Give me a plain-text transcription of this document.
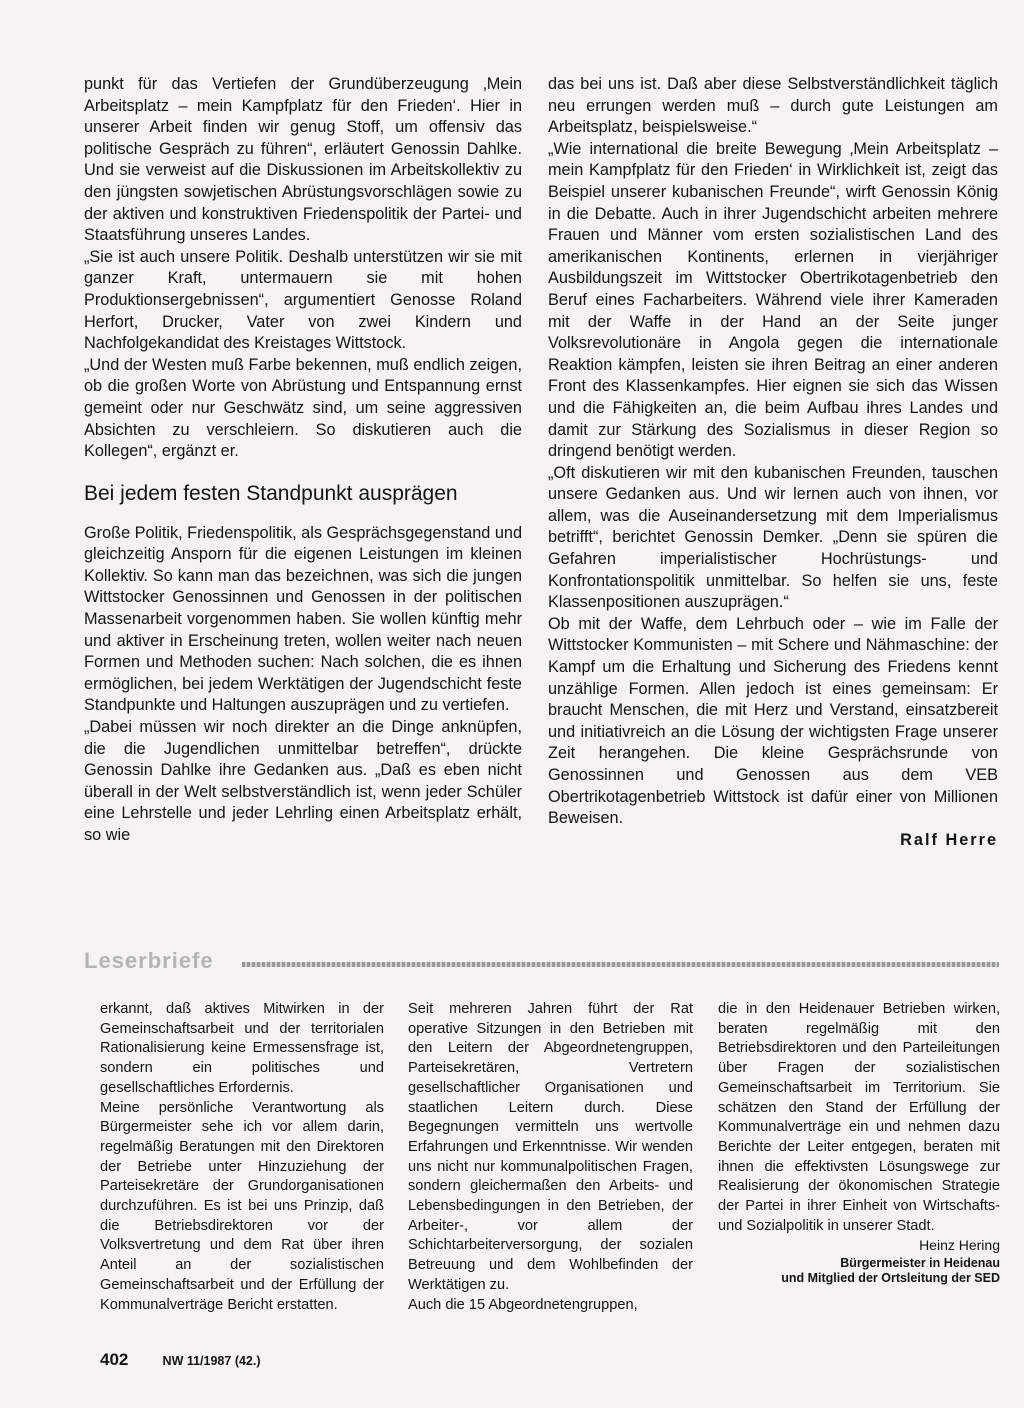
punkt für das Vertiefen der Grundüberzeugung ‚Mein Arbeitsplatz – mein Kampfplatz für den Frieden‘. Hier in unserer Arbeit finden wir genug Stoff, um offensiv das politische Gespräch zu führen“, erläutert Genossin Dahlke. Und sie verweist auf die Diskussionen im Arbeitskollektiv zu den jüngsten sowjetischen Abrüstungsvorschlägen sowie zu der aktiven und konstruktiven Friedenspolitik der Partei- und Staatsführung unseres Landes.

„Sie ist auch unsere Politik. Deshalb unterstützen wir sie mit ganzer Kraft, untermauern sie mit hohen Produktionsergebnissen“, argumentiert Genosse Roland Herfort, Drucker, Vater von zwei Kindern und Nachfolgekandidat des Kreistages Wittstock.

„Und der Westen muß Farbe bekennen, muß endlich zeigen, ob die großen Worte von Abrüstung und Entspannung ernst gemeint oder nur Geschwätz sind, um seine aggressiven Absichten zu verschleiern. So diskutieren auch die Kollegen“, ergänzt er.

Bei jedem festen Standpunkt ausprägen

Große Politik, Friedenspolitik, als Gesprächsgegenstand und gleichzeitig Ansporn für die eigenen Leistungen im kleinen Kollektiv. So kann man das bezeichnen, was sich die jungen Wittstocker Genossinnen und Genossen in der politischen Massenarbeit vorgenommen haben. Sie wollen künftig mehr und aktiver in Erscheinung treten, wollen weiter nach neuen Formen und Methoden suchen: Nach solchen, die es ihnen ermöglichen, bei jedem Werktätigen der Jugendschicht feste Standpunkte und Haltungen auszuprägen und zu vertiefen.

„Dabei müssen wir noch direkter an die Dinge anknüpfen, die die Jugendlichen unmittelbar betreffen“, drückte Genossin Dahlke ihre Gedanken aus. „Daß es eben nicht überall in der Welt selbstverständlich ist, wenn jeder Schüler eine Lehrstelle und jeder Lehrling einen Arbeitsplatz erhält, so wie

das bei uns ist. Daß aber diese Selbstverständlichkeit täglich neu errungen werden muß – durch gute Leistungen am Arbeitsplatz, beispielsweise.“

„Wie international die breite Bewegung ‚Mein Arbeitsplatz – mein Kampfplatz für den Frieden‘ in Wirklichkeit ist, zeigt das Beispiel unserer kubanischen Freunde“, wirft Genossin König in die Debatte. Auch in ihrer Jugendschicht arbeiten mehrere Frauen und Männer vom ersten sozialistischen Land des amerikanischen Kontinents, erlernen in vierjähriger Ausbildungszeit im Wittstocker Obertrikotagenbetrieb den Beruf eines Facharbeiters. Während viele ihrer Kameraden mit der Waffe in der Hand an der Seite junger Volksrevolutionäre in Angola gegen die internationale Reaktion kämpfen, leisten sie ihren Beitrag an einer anderen Front des Klassenkampfes. Hier eignen sie sich das Wissen und die Fähigkeiten an, die beim Aufbau ihres Landes und damit zur Stärkung des Sozialismus in dieser Region so dringend benötigt werden.

„Oft diskutieren wir mit den kubanischen Freunden, tauschen unsere Gedanken aus. Und wir lernen auch von ihnen, vor allem, was die Auseinandersetzung mit dem Imperialismus betrifft“, berichtet Genossin Demker. „Denn sie spüren die Gefahren imperialistischer Hochrüstungs- und Konfrontationspolitik unmittelbar. So helfen sie uns, feste Klassenpositionen auszuprägen.“

Ob mit der Waffe, dem Lehrbuch oder – wie im Falle der Wittstocker Kommunisten – mit Schere und Nähmaschine: der Kampf um die Erhaltung und Sicherung des Friedens kennt unzählige Formen. Allen jedoch ist eines gemeinsam: Er braucht Menschen, die mit Herz und Verstand, einsatzbereit und initiativreich an die Lösung der wichtigsten Frage unserer Zeit herangehen. Die kleine Gesprächsrunde von Genossinnen und Genossen aus dem VEB Obertrikotagenbetrieb Wittstock ist dafür einer von Millionen Beweisen.

Ralf Herre

Leserbriefe

erkannt, daß aktives Mitwirken in der Gemeinschaftsarbeit und der territorialen Rationalisierung keine Ermessensfrage ist, sondern ein politisches und gesellschaftliches Erfordernis.

Meine persönliche Verantwortung als Bürgermeister sehe ich vor allem darin, regelmäßig Beratungen mit den Direktoren der Betriebe unter Hinzuziehung der Parteisekretäre der Grundorganisationen durchzuführen. Es ist bei uns Prinzip, daß die Betriebsdirektoren vor der Volksvertretung und dem Rat über ihren Anteil an der sozialistischen Gemeinschaftsarbeit und der Erfüllung der Kommunalverträge Bericht erstatten.

Seit mehreren Jahren führt der Rat operative Sitzungen in den Betrieben mit den Leitern der Abgeordnetengruppen, Parteisekretären, Vertretern gesellschaftlicher Organisationen und staatlichen Leitern durch. Diese Begegnungen vermitteln uns wertvolle Erfahrungen und Erkenntnisse. Wir wenden uns nicht nur kommunalpolitischen Fragen, sondern gleichermaßen den Arbeits- und Lebensbedingungen in den Betrieben, der Arbeiter-, vor allem der Schichtarbeiterversorgung, der sozialen Betreuung und dem Wohlbefinden der Werktätigen zu.

Auch die 15 Abgeordnetengruppen,

die in den Heidenauer Betrieben wirken, beraten regelmäßig mit den Betriebsdirektoren und den Parteileitungen über Fragen der sozialistischen Gemeinschaftsarbeit im Territorium. Sie schätzen den Stand der Erfüllung der Kommunalverträge ein und nehmen dazu Berichte der Leiter entgegen, beraten mit ihnen die effektivsten Lösungswege zur Realisierung der ökonomischen Strategie der Partei in ihrer Einheit von Wirtschafts- und Sozialpolitik in unserer Stadt.

Heinz Hering

Bürgermeister in Heidenau

und Mitglied der Ortsleitung der SED

402	NW 11/1987 (42.)
